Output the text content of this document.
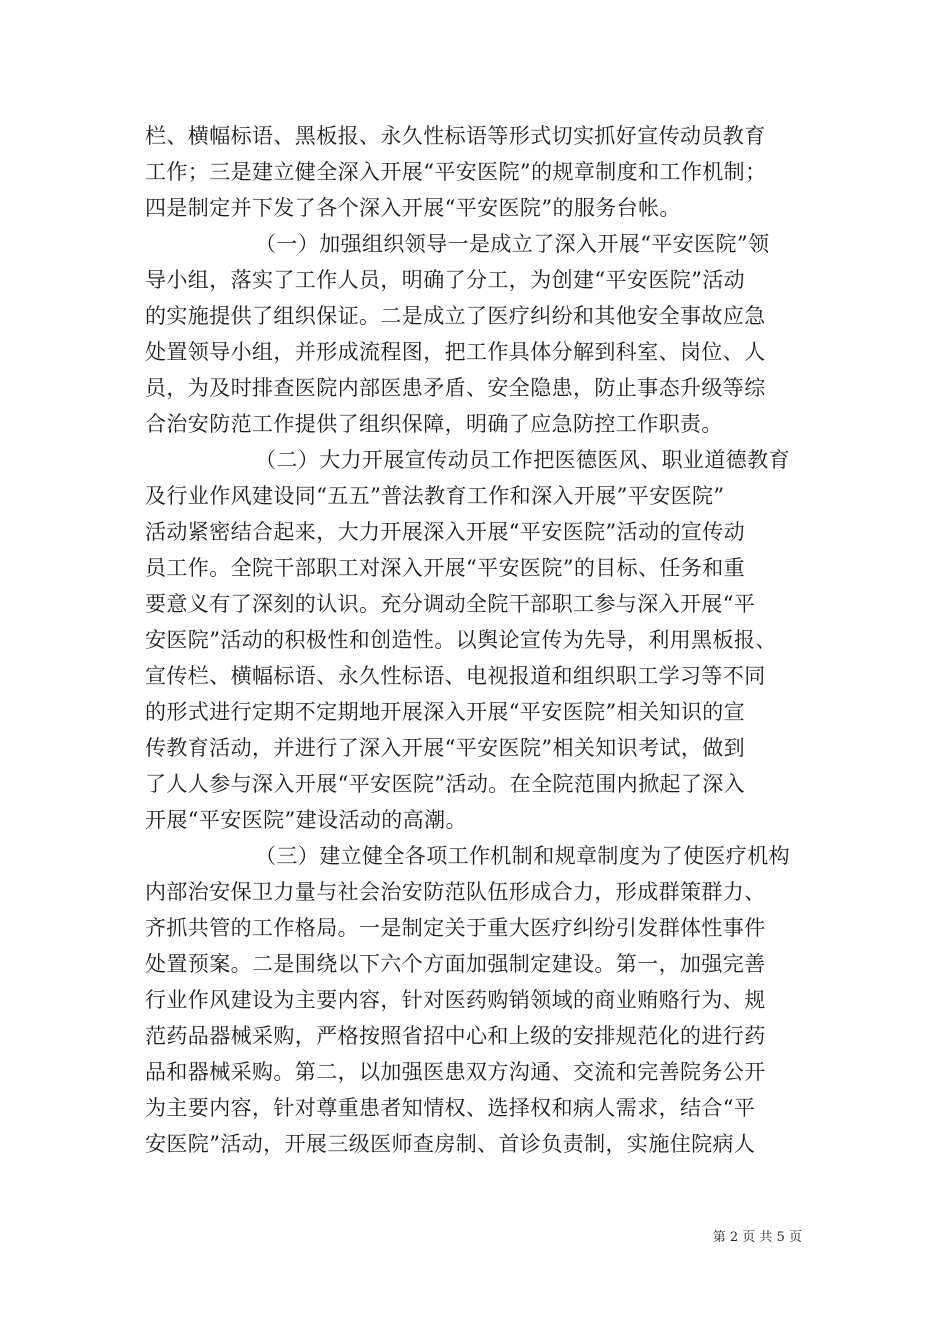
栏、横幅标语、黑板报、永久性标语等形式切实抓好宣传动员教育
工作；三是建立健全深入开展“平安医院”的规章制度和工作机制；
四是制定并下发了各个深入开展“平安医院”的服务台帐。

（一）加强组织领导一是成立了深入开展“平安医院”领
导小组，落实了工作人员，明确了分工，为创建“平安医院”活动
的实施提供了组织保证。二是成立了医疗纠纷和其他安全事故应急
处置领导小组，并形成流程图，把工作具体分解到科室、岗位、人
员，为及时排查医院内部医患矛盾、安全隐患，防止事态升级等综
合治安防范工作提供了组织保障，明确了应急防控工作职责。

（二）大力开展宣传动员工作把医德医风、职业道德教育
及行业作风建设同“五五”普法教育工作和深入开展”平安医院”
活动紧密结合起来，大力开展深入开展“平安医院”活动的宣传动
员工作。全院干部职工对深入开展“平安医院”的目标、任务和重
要意义有了深刻的认识。充分调动全院干部职工参与深入开展“平
安医院”活动的积极性和创造性。以舆论宣传为先导，利用黑板报、
宣传栏、横幅标语、永久性标语、电视报道和组织职工学习等不同
的形式进行定期不定期地开展深入开展“平安医院”相关知识的宣
传教育活动，并进行了深入开展“平安医院”相关知识考试，做到
了人人参与深入开展“平安医院”活动。在全院范围内掀起了深入
开展“平安医院”建设活动的高潮。

（三）建立健全各项工作机制和规章制度为了使医疗机构
内部治安保卫力量与社会治安防范队伍形成合力，形成群策群力、
齐抓共管的工作格局。一是制定关于重大医疗纠纷引发群体性事件
处置预案。二是围绕以下六个方面加强制定建设。第一，加强完善
行业作风建设为主要内容，针对医药购销领域的商业贿赂行为、规
范药品器械采购，严格按照省招中心和上级的安排规范化的进行药
品和器械采购。第二，以加强医患双方沟通、交流和完善院务公开
为主要内容，针对尊重患者知情权、选择权和病人需求，结合“平
安医院”活动，开展三级医师查房制、首诊负责制，实施住院病人

第 2 页 共 5 页
